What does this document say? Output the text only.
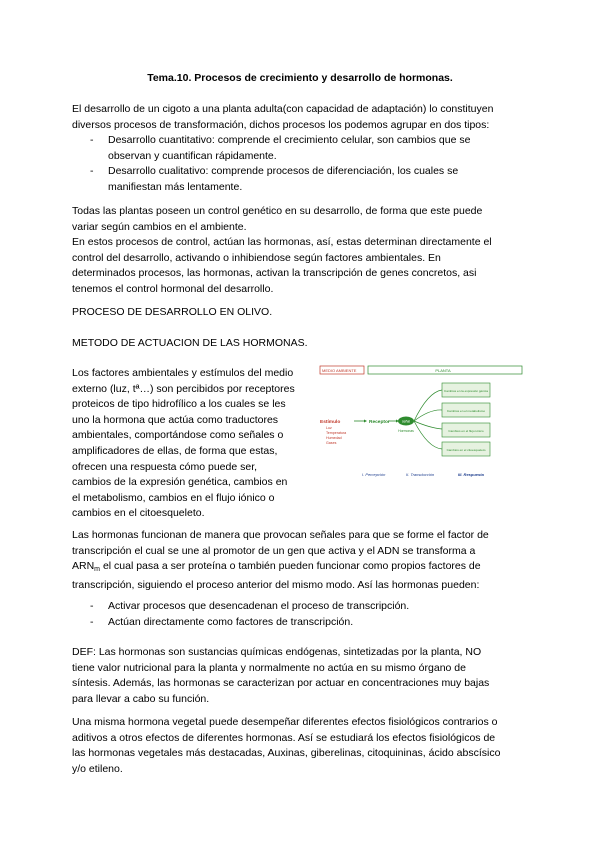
Tema.10. Procesos de crecimiento y desarrollo de hormonas.
El desarrollo de un cigoto a una planta adulta(con capacidad de adaptación) lo constituyen
diversos procesos de transformación, dichos procesos los podemos agrupar en dos tipos:
- Desarrollo cuantitativo: comprende el crecimiento celular, son cambios que se
observan y cuantifican rápidamente.
- Desarrollo cualitativo: comprende procesos de diferenciación, los cuales se
manifiestan más lentamente.
Todas las plantas poseen un control genético en su desarrollo, de forma que este puede
variar según cambios en el ambiente.
En estos procesos de control, actúan las hormonas, así, estas determinan directamente el
control del desarrollo, activando o inhibiendose según factores ambientales. En
determinados procesos, las hormonas, activan la transcripción de genes concretos, asi
tenemos el control hormonal del desarrollo.
PROCESO DE DESARROLLO EN OLIVO.
METODO DE ACTUACION DE LAS HORMONAS.
Los factores ambientales y estímulos del medio
externo (luz, tª…) son percibidos por receptores
proteicos de tipo hidrofílico a los cuales se les
uno la hormona que actúa como traductores
ambientales, comportándose como señales o
amplificadores de ellas, de forma que estas,
ofrecen una respuesta cómo puede ser,
cambios de la expresión genética, cambios en
el metabolismo, cambios en el flujo iónico o
cambios en el citoesqueleto.
MEDIO AMBIENTE	PLANTA
Estímulo
Luz
Temperatura
Humedad
Gases
Receptor	señal
Hormonas
Cambios en la expresión génica
Cambios en el metabolismo
Cambios en el flujo iónico
Cambios en el citoesqueleto
I. Percepción	II. Transducción	III. Respuesta
Las hormonas funcionan de manera que provocan señales para que se forme el factor de
transcripción el cual se une al promotor de un gen que activa y el ADN se transforma a
$ARN_m$ el cual pasa a ser proteína o también pueden funcionar como propios factores de
transcripción, siguiendo el proceso anterior del mismo modo. Así las hormonas pueden:
- Activar procesos que desencadenan el proceso de transcripción.
- Actúan directamente como factores de transcripción.
DEF: Las hormonas son sustancias químicas endógenas, sintetizadas por la planta, NO
tiene valor nutricional para la planta y normalmente no actúa en su mismo órgano de
síntesis. Además, las hormonas se caracterizan por actuar en concentraciones muy bajas
para llevar a cabo su función.
Una misma hormona vegetal puede desempeñar diferentes efectos fisiológicos contrarios o
aditivos a otros efectos de diferentes hormonas. Así se estudiará los efectos fisiológicos de
las hormonas vegetales más destacadas, Auxinas, giberelinas, citoquininas, ácido abscísico
y/o etileno.
